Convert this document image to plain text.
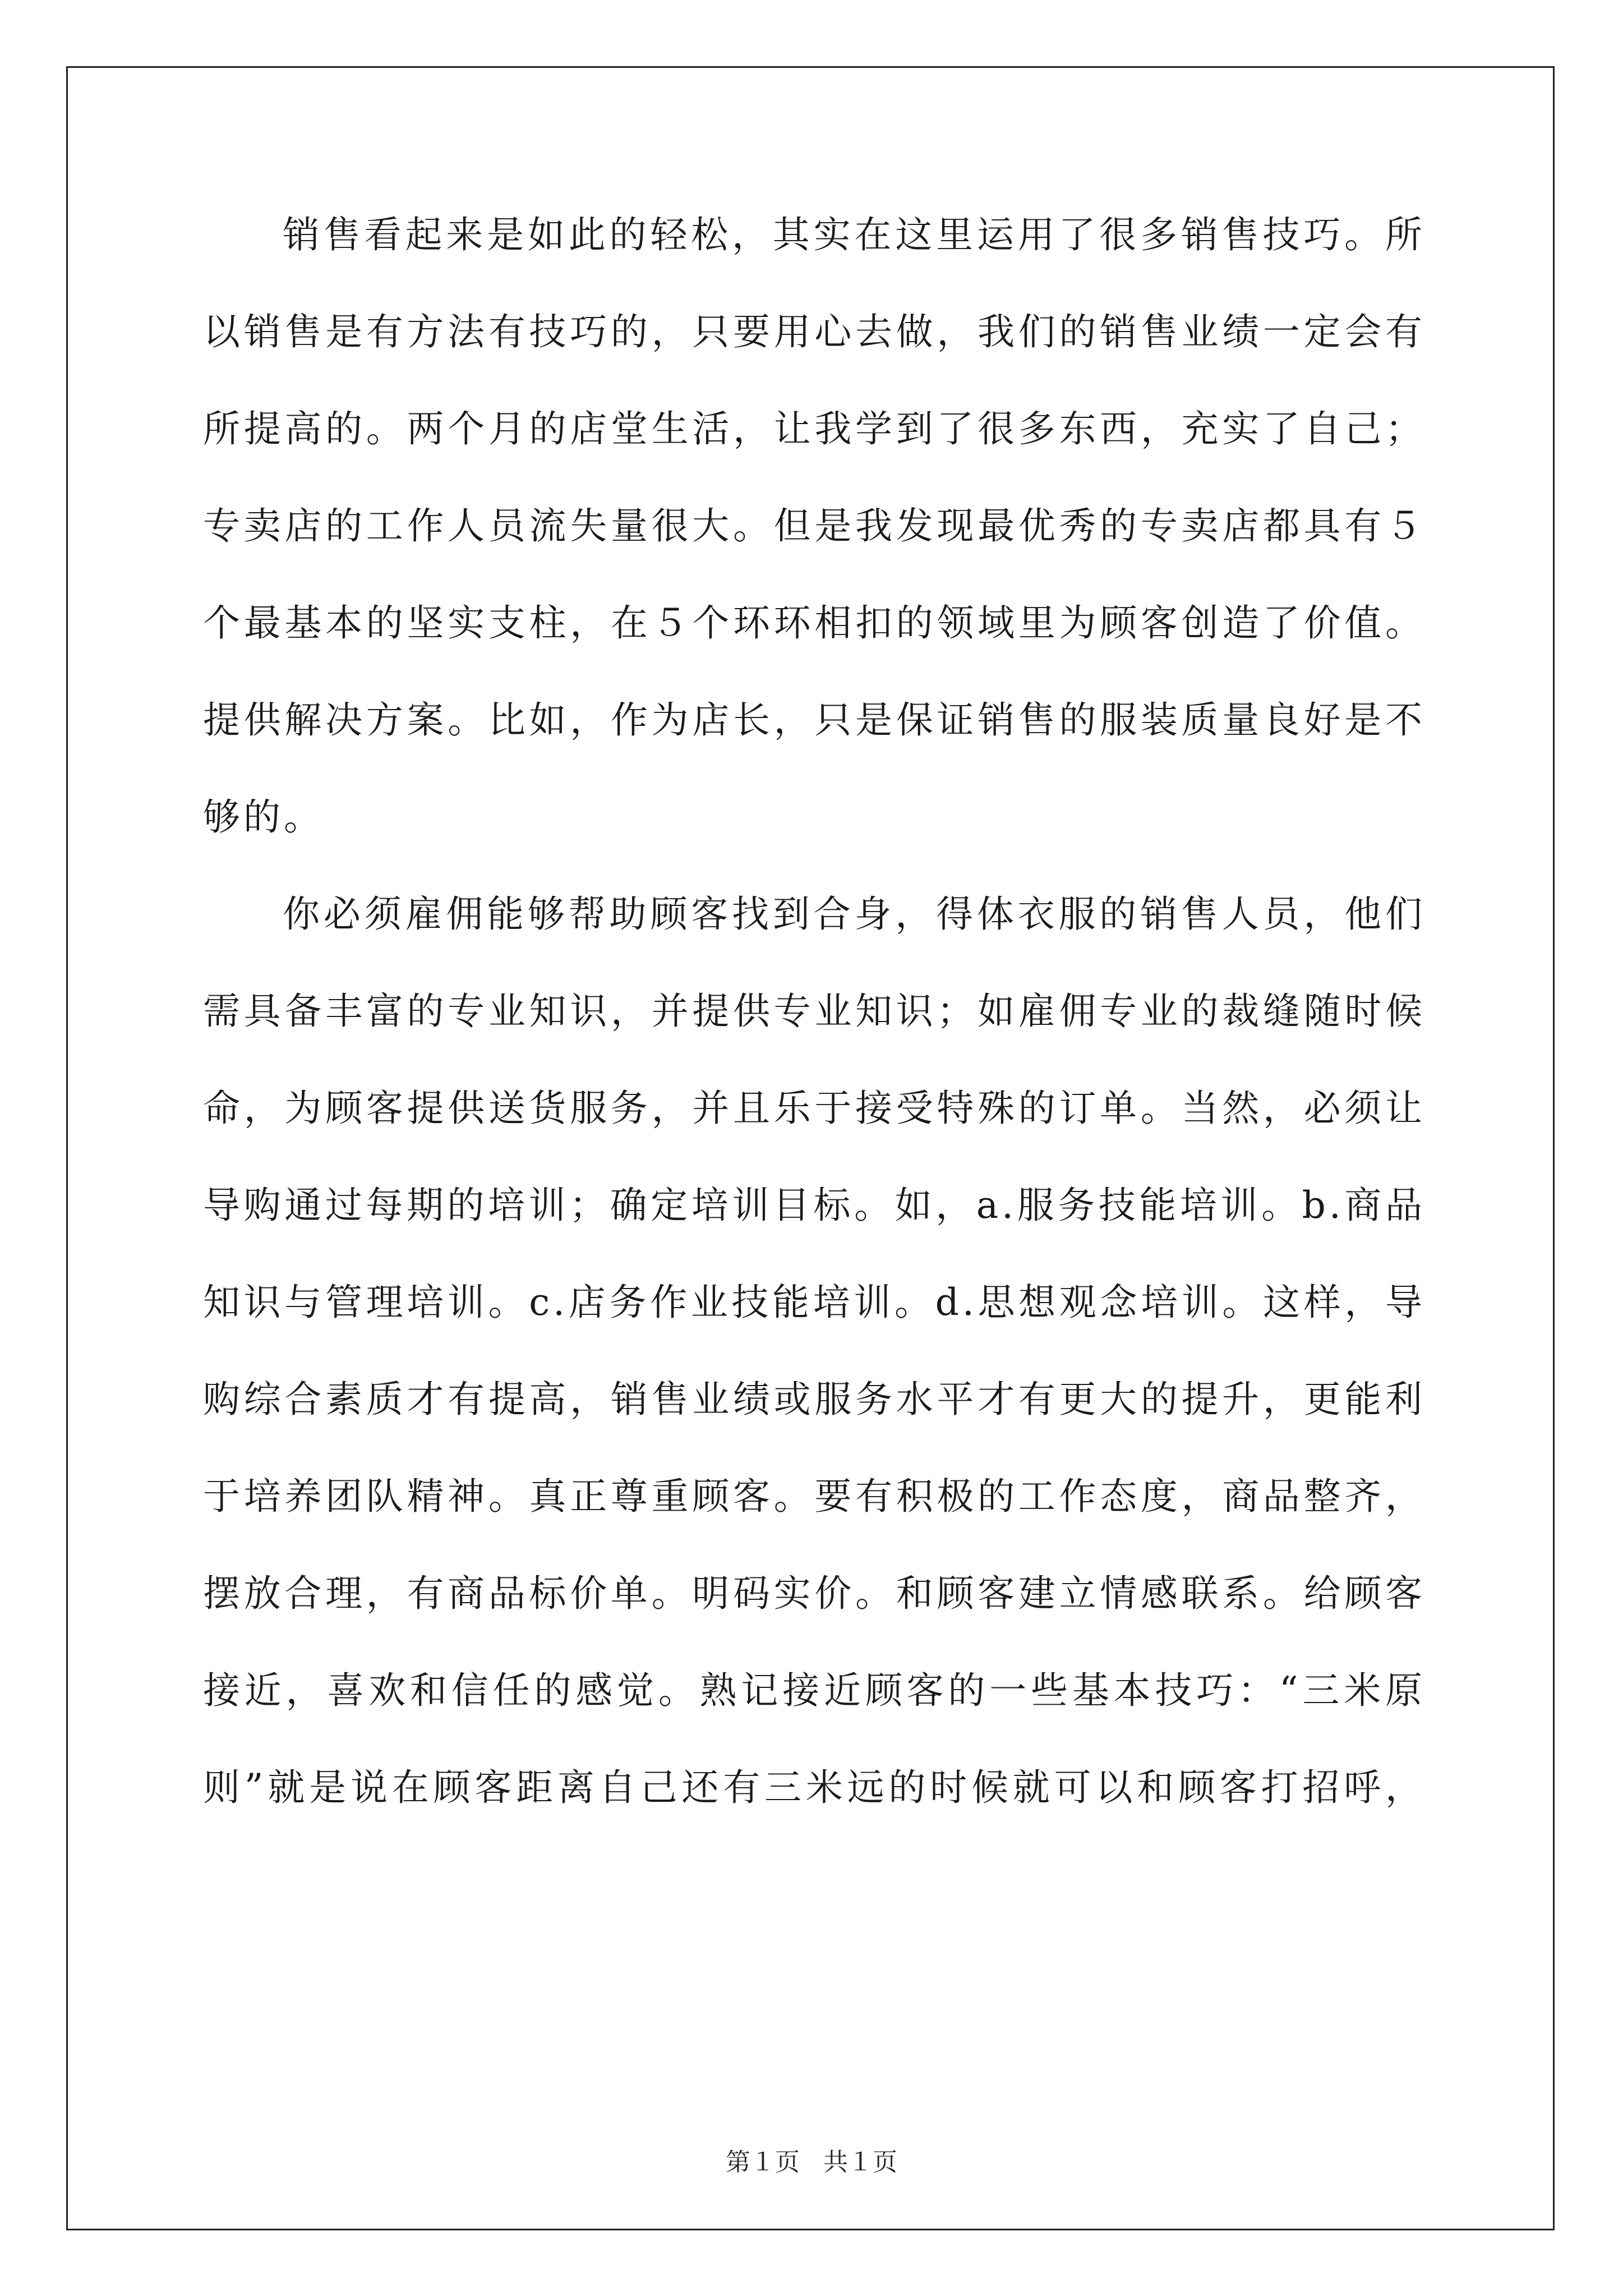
销售看起来是如此的轻松，其实在这里运用了很多销售技巧。所
以销售是有方法有技巧的，只要用心去做，我们的销售业绩一定会有
所提高的。两个月的店堂生活，让我学到了很多东西，充实了自己；
专卖店的工作人员流失量很大。但是我发现最优秀的专卖店都具有５
个最基本的坚实支柱，在５个环环相扣的领域里为顾客创造了价值。
提供解决方案。比如，作为店长，只是保证销售的服装质量良好是不
够的。
你必须雇佣能够帮助顾客找到合身，得体衣服的销售人员，他们
需具备丰富的专业知识，并提供专业知识；如雇佣专业的裁缝随时候
命，为顾客提供送货服务，并且乐于接受特殊的订单。当然，必须让
导购通过每期的培训；确定培训目标。如，a.服务技能培训。b.商品
知识与管理培训。c.店务作业技能培训。d.思想观念培训。这样，导
购综合素质才有提高，销售业绩或服务水平才有更大的提升，更能利
于培养团队精神。真正尊重顾客。要有积极的工作态度，商品整齐，
摆放合理，有商品标价单。明码实价。和顾客建立情感联系。给顾客
接近，喜欢和信任的感觉。熟记接近顾客的一些基本技巧：“三米原
则”就是说在顾客距离自己还有三米远的时候就可以和顾客打招呼，
第１页 共１页
